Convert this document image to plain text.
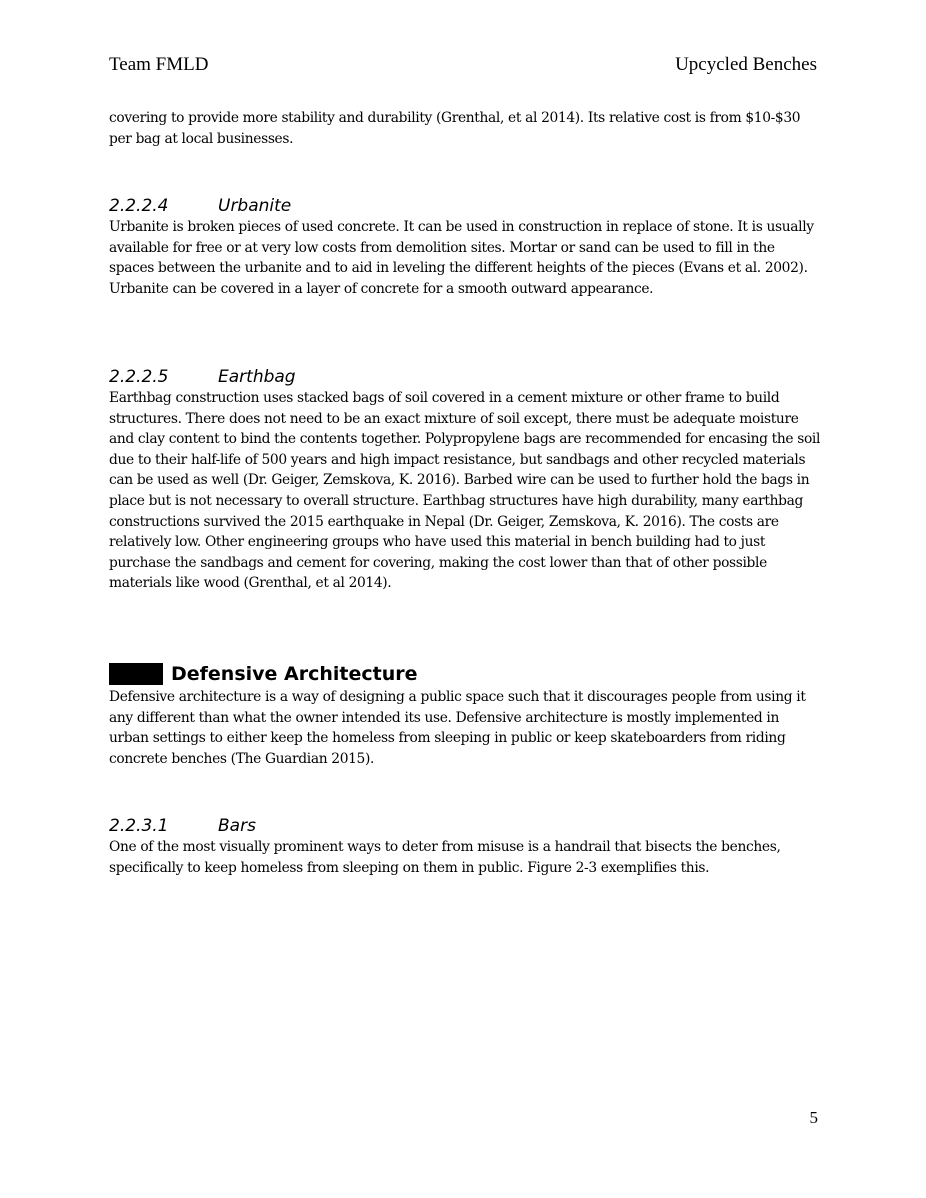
Team FMLD	Upcycled Benches

covering to provide more stability and durability (Grenthal, et al 2014). Its relative cost is from $10-$30 per bag at local businesses.

2.2.2.4	Urbanite

Urbanite is broken pieces of used concrete. It can be used in construction in replace of stone. It is usually available for free or at very low costs from demolition sites. Mortar or sand can be used to fill in the spaces between the urbanite and to aid in leveling the different heights of the pieces (Evans et al. 2002). Urbanite can be covered in a layer of concrete for a smooth outward appearance.

2.2.2.5	Earthbag

Earthbag construction uses stacked bags of soil covered in a cement mixture or other frame to build structures. There does not need to be an exact mixture of soil except, there must be adequate moisture and clay content to bind the contents together. Polypropylene bags are recommended for encasing the soil due to their half-life of 500 years and high impact resistance, but sandbags and other recycled materials can be used as well (Dr. Geiger, Zemskova, K. 2016). Barbed wire can be used to further hold the bags in place but is not necessary to overall structure. Earthbag structures have high durability, many earthbag constructions survived the 2015 earthquake in Nepal (Dr. Geiger, Zemskova, K. 2016). The costs are relatively low. Other engineering groups who have used this material in bench building had to just purchase the sandbags and cement for covering, making the cost lower than that of other possible materials like wood (Grenthal, et al 2014).

Defensive Architecture

Defensive architecture is a way of designing a public space such that it discourages people from using it any different than what the owner intended its use. Defensive architecture is mostly implemented in urban settings to either keep the homeless from sleeping in public or keep skateboarders from riding concrete benches (The Guardian 2015).

2.2.3.1	Bars

One of the most visually prominent ways to deter from misuse is a handrail that bisects the benches, specifically to keep homeless from sleeping on them in public. Figure 2-3 exemplifies this.

5
